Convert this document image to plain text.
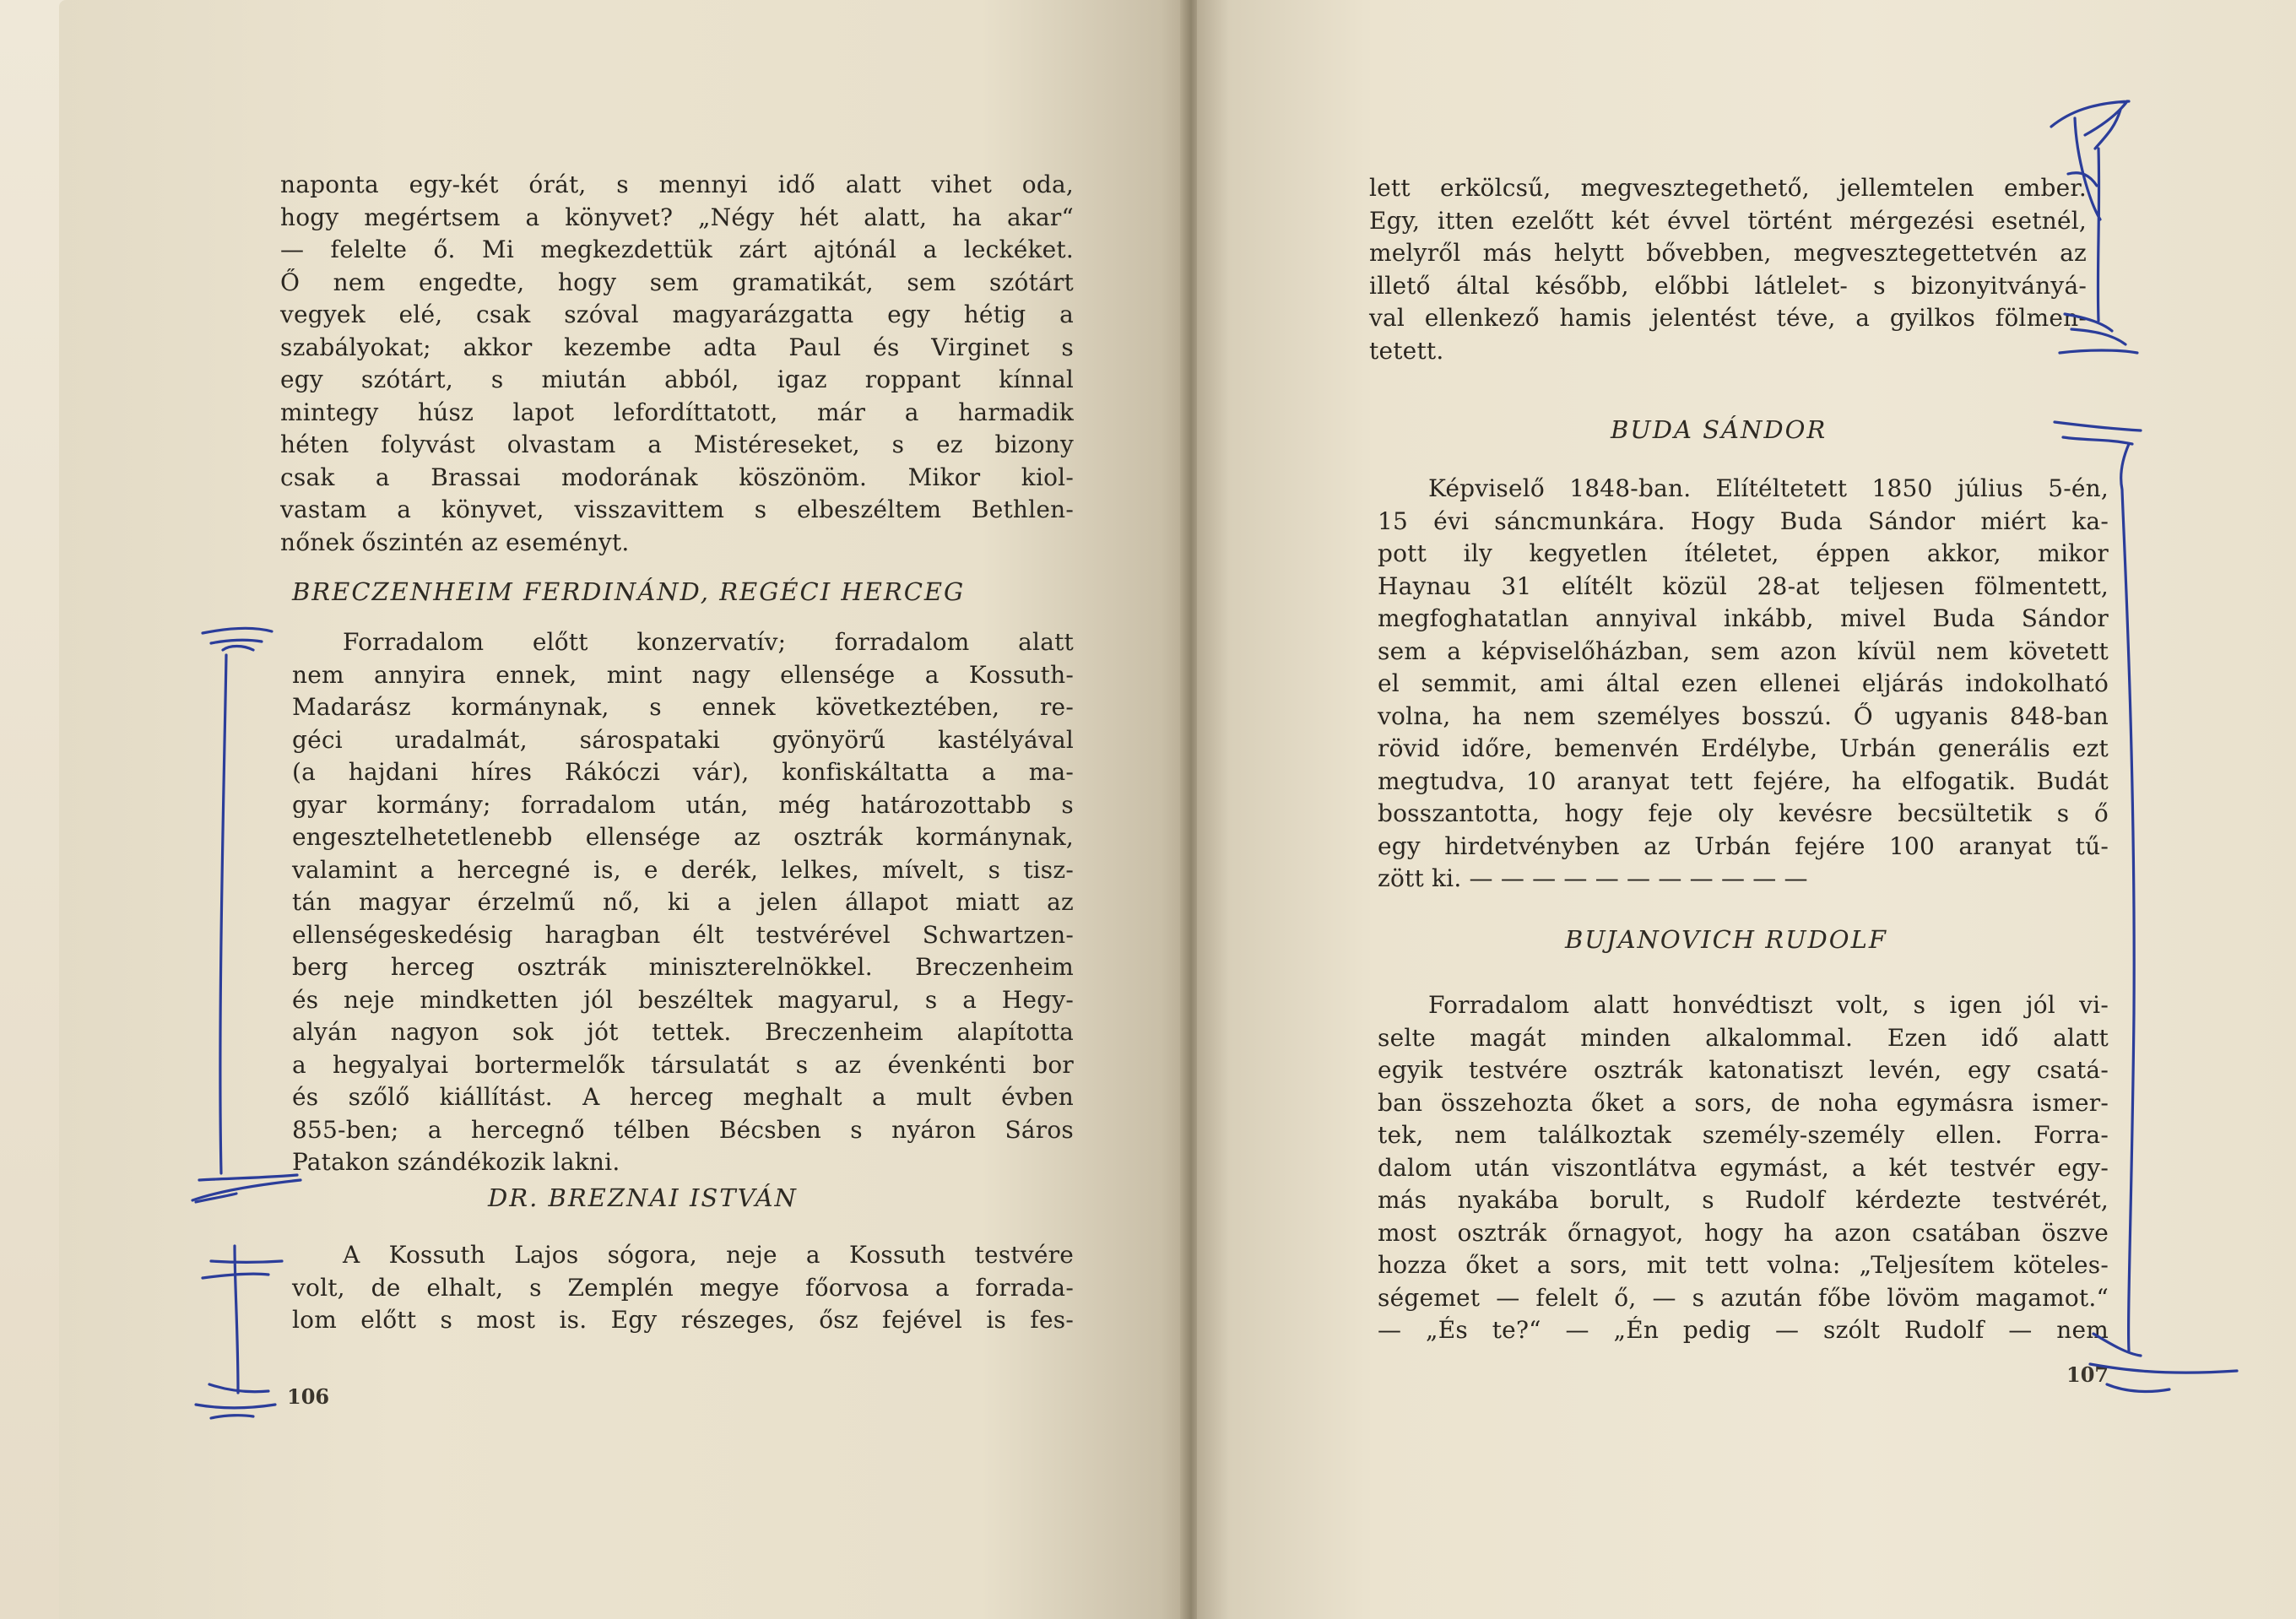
naponta egy-két órát, s mennyi idő alatt vihet oda,
hogy megértsem a könyvet? „Négy hét alatt, ha akar“
— felelte ő. Mi megkezdettük zárt ajtónál a leckéket.
Ő nem engedte, hogy sem gramatikát, sem szótárt
vegyek elé, csak szóval magyarázgatta egy hétig a
szabályokat; akkor kezembe adta Paul és Virginet s
egy szótárt, s miután abból, igaz roppant kínnal
mintegy húsz lapot lefordíttatott, már a harmadik
héten folyvást olvastam a Mistéreseket, s ez bizony
csak a Brassai modorának köszönöm. Mikor kiol-
vastam a könyvet, visszavittem s elbeszéltem Bethlen-
nőnek őszintén az eseményt.
BRECZENHEIM FERDINÁND, REGÉCI HERCEG
Forradalom előtt konzervatív; forradalom alatt
nem annyira ennek, mint nagy ellensége a Kossuth-
Madarász kormánynak, s ennek következtében, re-
géci uradalmát, sárospataki gyönyörű kastélyával
(a hajdani híres Rákóczi vár), konfiskáltatta a ma-
gyar kormány; forradalom után, még határozottabb s
engesztelhetetlenebb ellensége az osztrák kormánynak,
valamint a hercegné is, e derék, lelkes, mívelt, s tisz-
tán magyar érzelmű nő, ki a jelen állapot miatt az
ellenségeskedésig haragban élt testvérével Schwartzen-
berg herceg osztrák miniszterelnökkel. Breczenheim
és neje mindketten jól beszéltek magyarul, s a Hegy-
alyán nagyon sok jót tettek. Breczenheim alapította
a hegyalyai bortermelők társulatát s az évenkénti bor
és szőlő kiállítást. A herceg meghalt a mult évben
855-ben; a hercegnő télben Bécsben s nyáron Sáros
Patakon szándékozik lakni.
DR. BREZNAI ISTVÁN
A Kossuth Lajos sógora, neje a Kossuth testvére
volt, de elhalt, s Zemplén megye főorvosa a forrada-
lom előtt s most is. Egy részeges, ősz fejével is fes-
106
lett erkölcsű, megvesztegethető, jellemtelen ember.
Egy, itten ezelőtt két évvel történt mérgezési esetnél,
melyről más helytt bővebben, megvesztegettetvén az
illető által később, előbbi látlelet- s bizonyitványá-
val ellenkező hamis jelentést téve, a gyilkos fölmen-
tetett.
BUDA SÁNDOR
Képviselő 1848-ban. Elítéltetett 1850 július 5-én,
15 évi sáncmunkára. Hogy Buda Sándor miért ka-
pott ily kegyetlen ítéletet, éppen akkor, mikor
Haynau 31 elítélt közül 28-at teljesen fölmentett,
megfoghatatlan annyival inkább, mivel Buda Sándor
sem a képviselőházban, sem azon kívül nem követett
el semmit, ami által ezen ellenei eljárás indokolható
volna, ha nem személyes bosszú. Ő ugyanis 848-ban
rövid időre, bemenvén Erdélybe, Urbán generális ezt
megtudva, 10 aranyat tett fejére, ha elfogatik. Budát
bosszantotta, hogy feje oly kevésre becsültetik s ő
egy hirdetvényben az Urbán fejére 100 aranyat tű-
zött ki. — — — — — — — — — — —
BUJANOVICH RUDOLF
Forradalom alatt honvédtiszt volt, s igen jól vi-
selte magát minden alkalommal. Ezen idő alatt
egyik testvére osztrák katonatiszt levén, egy csatá-
ban összehozta őket a sors, de noha egymásra ismer-
tek, nem találkoztak személy-személy ellen. Forra-
dalom után viszontlátva egymást, a két testvér egy-
más nyakába borult, s Rudolf kérdezte testvérét,
most osztrák őrnagyot, hogy ha azon csatában öszve
hozza őket a sors, mit tett volna: „Teljesítem köteles-
ségemet — felelt ő, — s azután főbe lövöm magamot.“
— „És te?“ — „Én pedig — szólt Rudolf — nem
107
